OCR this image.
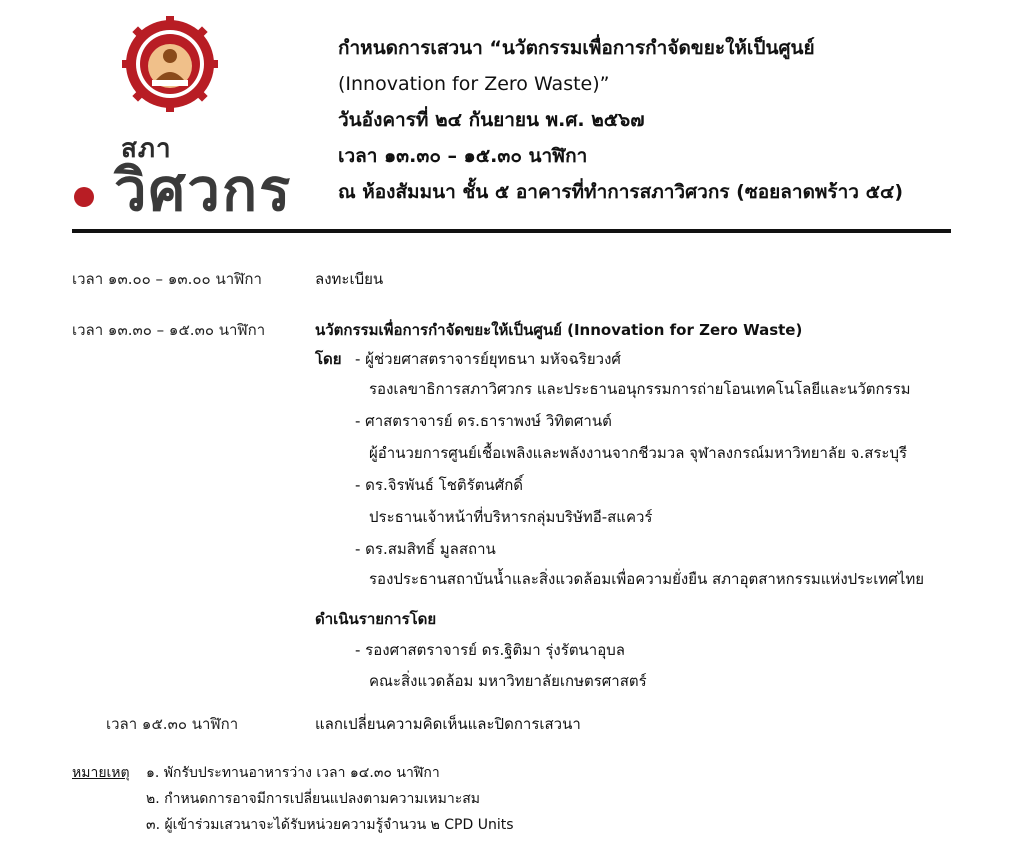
สภา
วิศวกร
กำหนดการเสวนา “นวัตกรรมเพื่อการกำจัดขยะให้เป็นศูนย์
(Innovation for Zero Waste)”
วันอังคารที่ ๒๔ กันยายน พ.ศ. ๒๕๖๗
เวลา ๑๓.๓๐ – ๑๕.๓๐ นาฬิกา
ณ ห้องสัมมนา ชั้น ๕ อาคารที่ทำการสภาวิศวกร (ซอยลาดพร้าว ๕๔)
เวลา ๑๓.๐๐ – ๑๓.๐๐ นาฬิกา	ลงทะเบียน
เวลา ๑๓.๓๐ – ๑๕.๓๐ นาฬิกา	นวัตกรรมเพื่อการกำจัดขยะให้เป็นศูนย์ (Innovation for Zero Waste)
โดย - ผู้ช่วยศาสตราจารย์ยุทธนา มหัจฉริยวงศ์
รองเลขาธิการสภาวิศวกร และประธานอนุกรรมการถ่ายโอนเทคโนโลยีและนวัตกรรม
- ศาสตราจารย์ ดร.ธาราพงษ์ วิทิตศานต์
ผู้อำนวยการศูนย์เชื้อเพลิงและพลังงานจากชีวมวล จุฬาลงกรณ์มหาวิทยาลัย จ.สระบุรี
- ดร.จิรพันธ์ โชติรัตนศักดิ์
ประธานเจ้าหน้าที่บริหารกลุ่มบริษัทอี-สแควร์
- ดร.สมสิทธิ์ มูลสถาน
รองประธานสถาบันน้ำและสิ่งแวดล้อมเพื่อความยั่งยืน สภาอุตสาหกรรมแห่งประเทศไทย
ดำเนินรายการโดย
- รองศาสตราจารย์ ดร.ฐิติมา รุ่งรัตนาอุบล
คณะสิ่งแวดล้อม มหาวิทยาลัยเกษตรศาสตร์
เวลา ๑๕.๓๐ นาฬิกา	แลกเปลี่ยนความคิดเห็นและปิดการเสวนา
หมายเหตุ ๑. พักรับประทานอาหารว่าง เวลา ๑๔.๓๐ นาฬิกา
๒. กำหนดการอาจมีการเปลี่ยนแปลงตามความเหมาะสม
๓. ผู้เข้าร่วมเสวนาจะได้รับหน่วยความรู้จำนวน ๒ CPD Units
